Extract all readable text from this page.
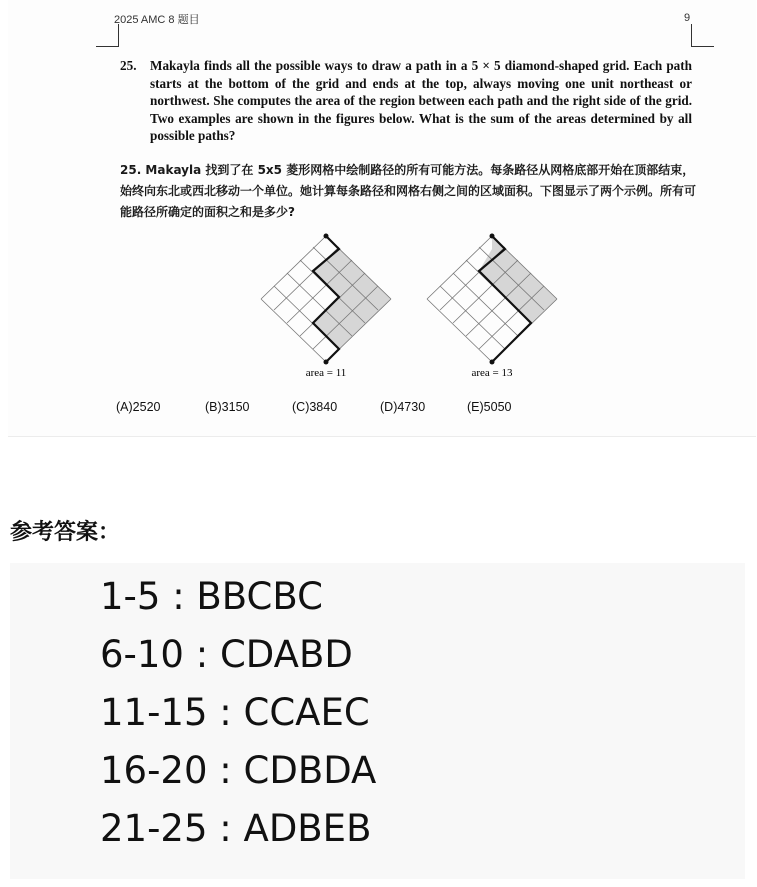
2025 AMC 8 题目	9
25. Makayla finds all the possible ways to draw a path in a 5 × 5 diamond-shaped grid. Each path starts at the bottom of the grid and ends at the top, always moving one unit northeast or northwest. She computes the area of the region between each path and the right side of the grid. Two examples are shown in the figures below. What is the sum of the areas determined by all possible paths?
25. Makayla 找到了在 5x5 菱形网格中绘制路径的所有可能方法。每条路径从网格底部开始在顶部结束，始终向东北或西北移动一个单位。她计算每条路径和网格右侧之间的区域面积。下图显示了两个示例。所有可能路径所确定的面积之和是多少?
area = 11	area = 13
(A)2520	(B)3150	(C)3840	(D)4730	(E)5050
参考答案：
1-5 : BBCBC
6-10 : CDABD
11-15 : CCAEC
16-20 : CDBDA
21-25 : ADBEB
